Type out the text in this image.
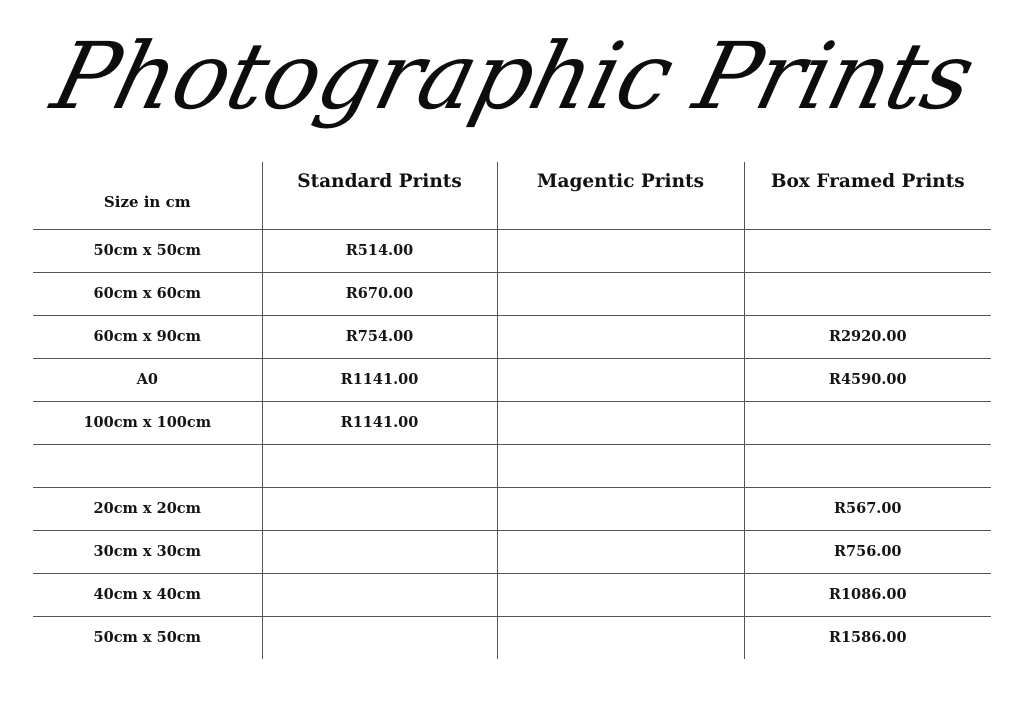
Photographic Prints
Size in cm	Standard Prints	Magentic Prints	Box Framed Prints
50cm x 50cm	R514.00		
60cm x 60cm	R670.00		
60cm x 90cm	R754.00		R2920.00
A0	R1141.00		R4590.00
100cm x 100cm	R1141.00		

20cm x 20cm			R567.00
30cm x 30cm			R756.00
40cm x 40cm			R1086.00
50cm x 50cm			R1586.00
